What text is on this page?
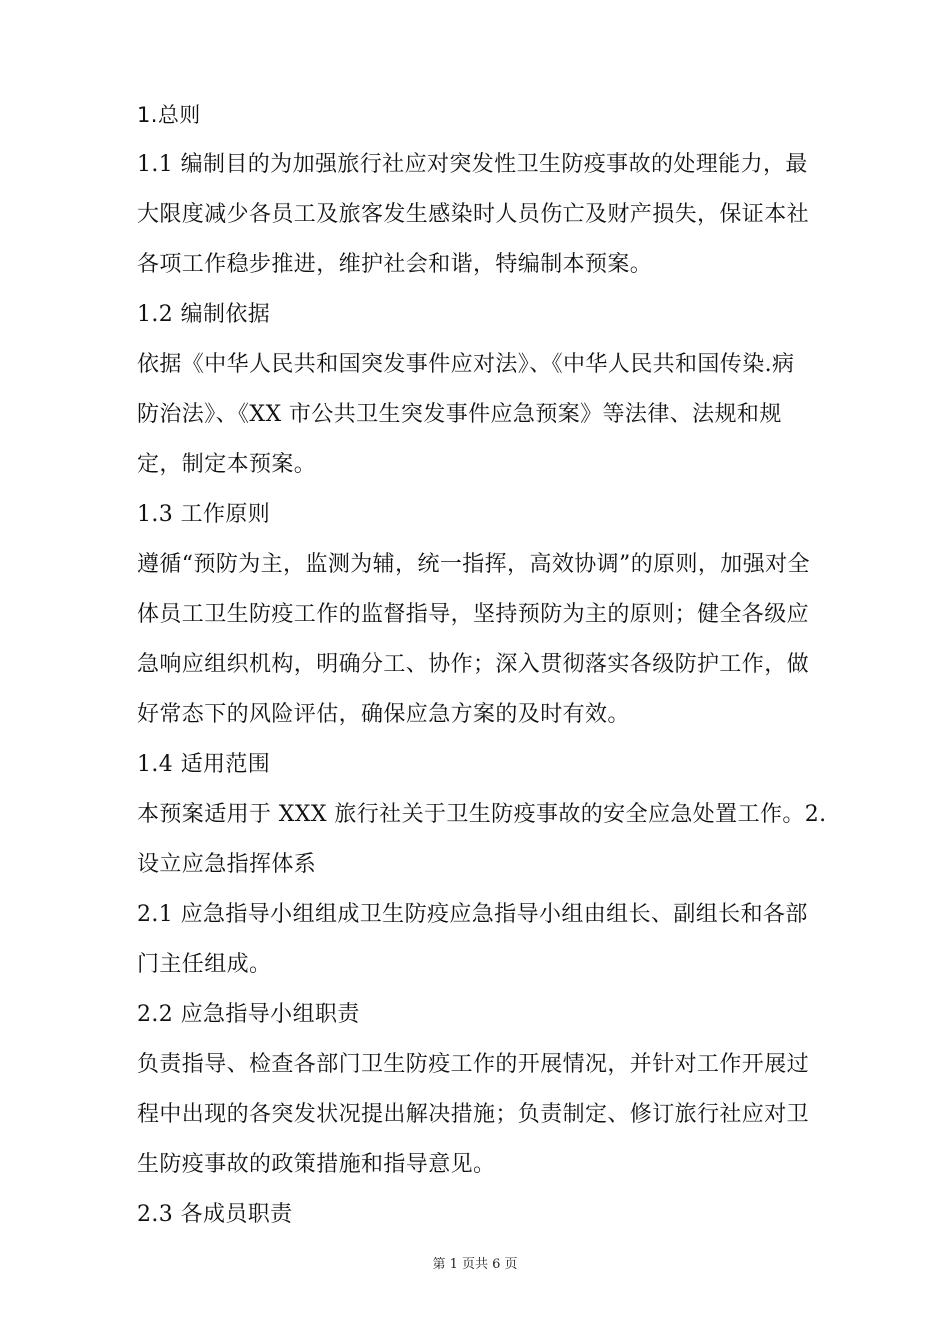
1.总则
1.1 编制目的为加强旅行社应对突发性卫生防疫事故的处理能力，最
大限度减少各员工及旅客发生感染时人员伤亡及财产损失，保证本社
各项工作稳步推进，维护社会和谐，特编制本预案。
1.2 编制依据
依据《中华人民共和国突发事件应对法》、《中华人民共和国传染.病
防治法》、《XX 市公共卫生突发事件应急预案》等法律、法规和规
定，制定本预案。
1.3 工作原则
遵循“预防为主，监测为辅，统一指挥，高效协调”的原则，加强对全
体员工卫生防疫工作的监督指导，坚持预防为主的原则；健全各级应
急响应组织机构，明确分工、协作；深入贯彻落实各级防护工作，做
好常态下的风险评估，确保应急方案的及时有效。
1.4 适用范围
本预案适用于 XXX 旅行社关于卫生防疫事故的安全应急处置工作。2.
设立应急指挥体系
2.1 应急指导小组组成卫生防疫应急指导小组由组长、副组长和各部
门主任组成。
2.2 应急指导小组职责
负责指导、检查各部门卫生防疫工作的开展情况，并针对工作开展过
程中出现的各突发状况提出解决措施；负责制定、修订旅行社应对卫
生防疫事故的政策措施和指导意见。
2.3 各成员职责
第 1 页共 6 页
